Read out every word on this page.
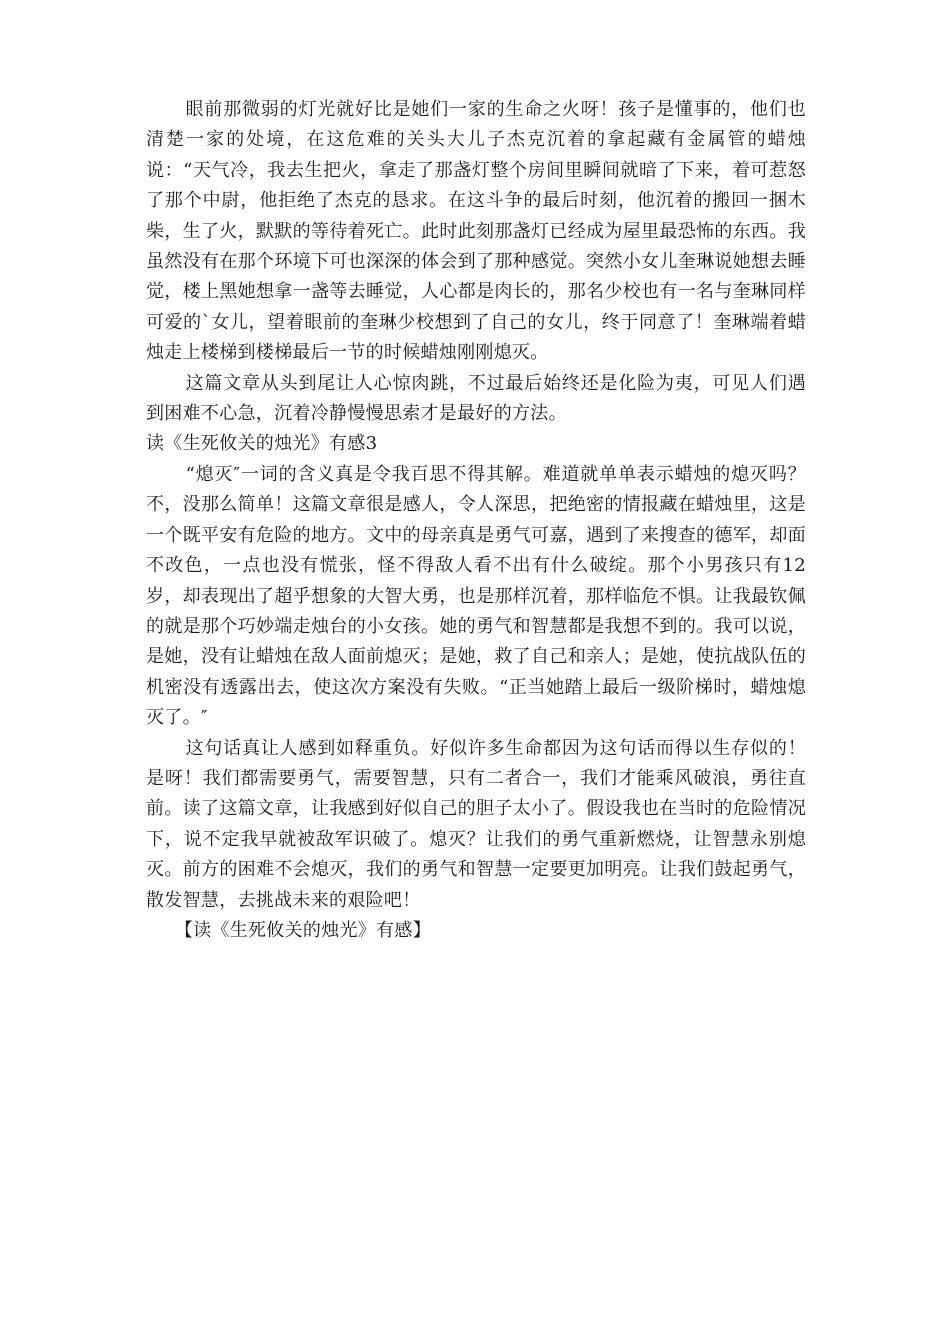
眼前那微弱的灯光就好比是她们一家的生命之火呀！孩子是懂事的，他们也清楚一家的处境，在这危难的关头大儿子杰克沉着的拿起藏有金属管的蜡烛说：“天气冷，我去生把火，拿走了那盏灯整个房间里瞬间就暗了下来，着可惹怒了那个中尉，他拒绝了杰克的恳求。在这斗争的最后时刻，他沉着的搬回一捆木柴，生了火，默默的等待着死亡。此时此刻那盏灯已经成为屋里最恐怖的东西。我虽然没有在那个环境下可也深深的体会到了那种感觉。突然小女儿奎琳说她想去睡觉，楼上黑她想拿一盏等去睡觉，人心都是肉长的，那名少校也有一名与奎琳同样可爱的`女儿，望着眼前的奎琳少校想到了自己的女儿，终于同意了！奎琳端着蜡烛走上楼梯到楼梯最后一节的时候蜡烛刚刚熄灭。

这篇文章从头到尾让人心惊肉跳，不过最后始终还是化险为夷，可见人们遇到困难不心急，沉着冷静慢慢思索才是最好的方法。

读《生死攸关的烛光》有感3

“熄灭″一词的含义真是令我百思不得其解。难道就单单表示蜡烛的熄灭吗？不，没那么简单！这篇文章很是感人，令人深思，把绝密的情报藏在蜡烛里，这是一个既平安有危险的地方。文中的母亲真是勇气可嘉，遇到了来搜查的德军，却面不改色，一点也没有慌张，怪不得敌人看不出有什么破绽。那个小男孩只有12岁，却表现出了超乎想象的大智大勇，也是那样沉着，那样临危不惧。让我最钦佩的就是那个巧妙端走烛台的小女孩。她的勇气和智慧都是我想不到的。我可以说，是她，没有让蜡烛在敌人面前熄灭；是她，救了自己和亲人；是她，使抗战队伍的机密没有透露出去，使这次方案没有失败。“正当她踏上最后一级阶梯时，蜡烛熄灭了。″

这句话真让人感到如释重负。好似许多生命都因为这句话而得以生存似的！是呀！我们都需要勇气，需要智慧，只有二者合一，我们才能乘风破浪，勇往直前。读了这篇文章，让我感到好似自己的胆子太小了。假设我也在当时的危险情况下，说不定我早就被敌军识破了。熄灭？让我们的勇气重新燃烧，让智慧永别熄灭。前方的困难不会熄灭，我们的勇气和智慧一定要更加明亮。让我们鼓起勇气，散发智慧，去挑战未来的艰险吧！

【读《生死攸关的烛光》有感】
